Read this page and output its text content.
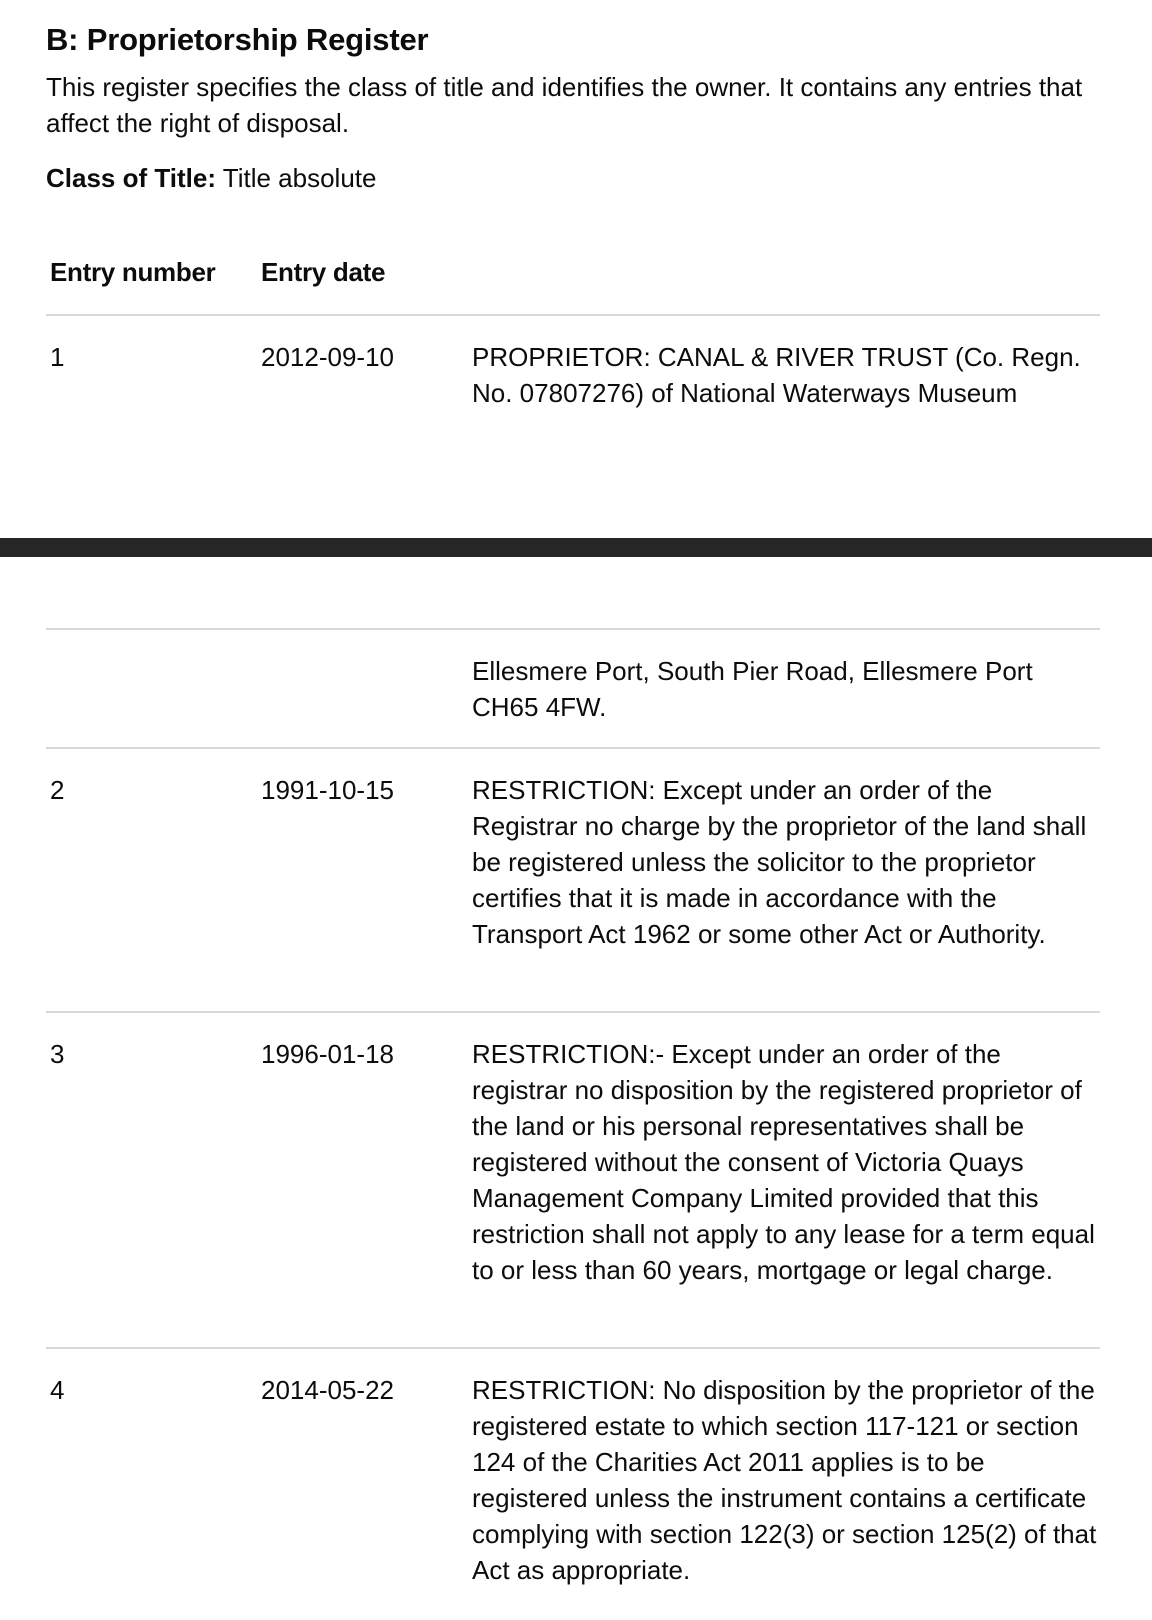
B: Proprietorship Register

This register specifies the class of title and identifies the owner. It contains any entries that affect the right of disposal.

Class of Title: Title absolute

Entry number Entry date
1	2012-09-10	PROPRIETOR: CANAL & RIVER TRUST (Co. Regn. No. 07807276) of National Waterways Museum
Ellesmere Port, South Pier Road, Ellesmere Port CH65 4FW.
2	1991-10-15	RESTRICTION: Except under an order of the Registrar no charge by the proprietor of the land shall be registered unless the solicitor to the proprietor certifies that it is made in accordance with the Transport Act 1962 or some other Act or Authority.
3	1996-01-18	RESTRICTION:- Except under an order of the registrar no disposition by the registered proprietor of the land or his personal representatives shall be registered without the consent of Victoria Quays Management Company Limited provided that this restriction shall not apply to any lease for a term equal to or less than 60 years, mortgage or legal charge.
4	2014-05-22	RESTRICTION: No disposition by the proprietor of the registered estate to which section 117-121 or section 124 of the Charities Act 2011 applies is to be registered unless the instrument contains a certificate complying with section 122(3) or section 125(2) of that Act as appropriate.
